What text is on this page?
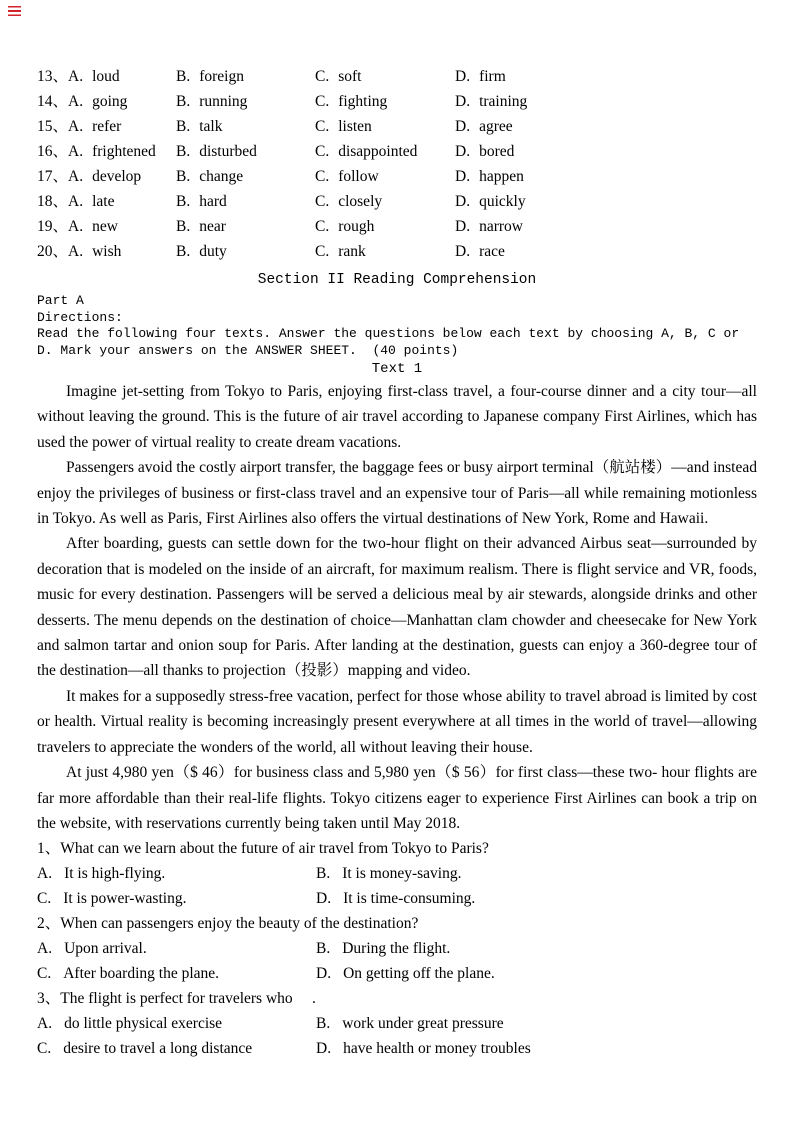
13、A. loud	B. foreign	C. soft	D. firm
14、A. going	B. running	C. fighting	D. training
15、A. refer	B. talk	C. listen	D. agree
16、A. frightened	B. disturbed	C. disappointed	D. bored
17、A. develop	B. change	C. follow	D. happen
18、A. late	B. hard	C. closely	D. quickly
19、A. new	B. near	C. rough	D. narrow
20、A. wish	B. duty	C. rank	D. race
Section II Reading Comprehension
Part A
Directions:
Read the following four texts. Answer the questions below each text by choosing A, B, C or D. Mark your answers on the ANSWER SHEET.  (40 points)
Text 1

Imagine jet-setting from Tokyo to Paris, enjoying first-class travel, a four-course dinner and a city tour—all without leaving the ground. This is the future of air travel according to Japanese company First Airlines, which has used the power of virtual reality to create dream vacations.

Passengers avoid the costly airport transfer, the baggage fees or busy airport terminal（航站楼）—and instead enjoy the privileges of business or first-class travel and an expensive tour of Paris—all while remaining motionless in Tokyo. As well as Paris, First Airlines also offers the virtual destinations of New York, Rome and Hawaii.

After boarding, guests can settle down for the two-hour flight on their advanced Airbus seat—surrounded by decoration that is modeled on the inside of an aircraft, for maximum realism. There is flight service and VR, foods, music for every destination. Passengers will be served a delicious meal by air stewards, alongside drinks and other desserts. The menu depends on the destination of choice—Manhattan clam chowder and cheesecake for New York and salmon tartar and onion soup for Paris. After landing at the destination, guests can enjoy a 360-degree tour of the destination—all thanks to projection（投影）mapping and video.

It makes for a supposedly stress-free vacation, perfect for those whose ability to travel abroad is limited by cost or health. Virtual reality is becoming increasingly present everywhere at all times in the world of travel—allowing travelers to appreciate the wonders of the world, all without leaving their house.

At just 4,980 yen（$ 46）for business class and 5,980 yen（$ 56）for first class—these two- hour flights are far more affordable than their real-life flights. Tokyo citizens eager to experience First Airlines can book a trip on the website, with reservations currently being taken until May 2018.

1、What can we learn about the future of air travel from Tokyo to Paris?
A. It is high-flying.	B. It is money-saving.
C. It is power-wasting.	D. It is time-consuming.
2、When can passengers enjoy the beauty of the destination?
A. Upon arrival.	B. During the flight.
C. After boarding the plane.	D. On getting off the plane.
3、The flight is perfect for travelers who     .
A. do little physical exercise	B. work under great pressure
C. desire to travel a long distance	D. have health or money troubles
